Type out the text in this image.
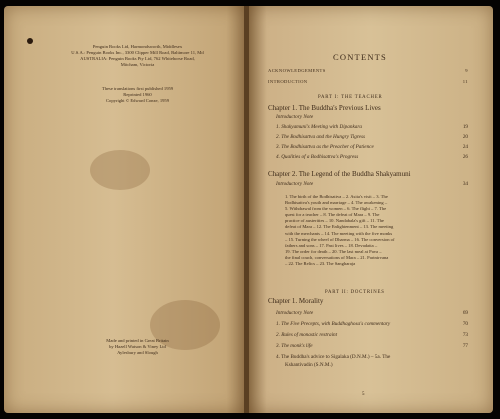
Penguin Books Ltd, Harmondsworth, Middlesex
U.S.A.: Penguin Books Inc., 3300 Clipper Mill Road, Baltimore 11, Md
AUSTRALIA: Penguin Books Pty Ltd, 762 Whitehorse Road,
Mitcham, Victoria
These translations first published 1959
Reprinted 1960
Copyright © Edward Conze, 1959
Made and printed in Great Britain
by Hazell Watson & Viney Ltd
Aylesbury and Slough
CONTENTS
ACKNOWLEDGEMENTS	9
INTRODUCTION	11
PART I: THE TEACHER
Chapter 1. The Buddha's Previous Lives
Introductory Note
1. Shakyamuni's Meeting with Dipankara	19
2. The Bodhisattva and the Hungry Tigress	20
3. The Bodhisattva as the Preacher of Patience	24
4. Qualities of a Bodhisattva's Progress	26
Chapter 2. The Legend of the Buddha Shakyamuni
Introductory Note	34
1. The birth of the Bodhisattva – 2. Asita's visit – 3. The
Bodhisattva's youth and marriage – 4. The awakening –
5. Withdrawal from the women – 6. The flight – 7. The
quest for a teacher – 8. The defeat of Mara – 9. The
practice of austerities – 10. Nandabala's gift – 11. The
defeat of Mara – 12. The Enlightenment – 13. The meeting
with the merchants – 14. The meeting with the five monks
– 15. Turning the wheel of Dharma – 16. The conversion of
fathers and sons – 17. Past lives – 18. Devadatta –
19. The order for death – 20. The last meal at Pava –
the final couch, conversations of Mara – 21. Parinirvana
– 22. The Relics – 23. The Sangharaja
PART II: DOCTRINES
Chapter 1. Morality
Introductory Note	69
1. The Five Precepts, with Buddhaghosa's commentary	70
2. Rules of monastic restraint	73
3. The monk's life	77
4. The Buddha's advice to Sigalaka (D.N.M.) – 5a. The
Kshantivadin (S.N.M.)
5
